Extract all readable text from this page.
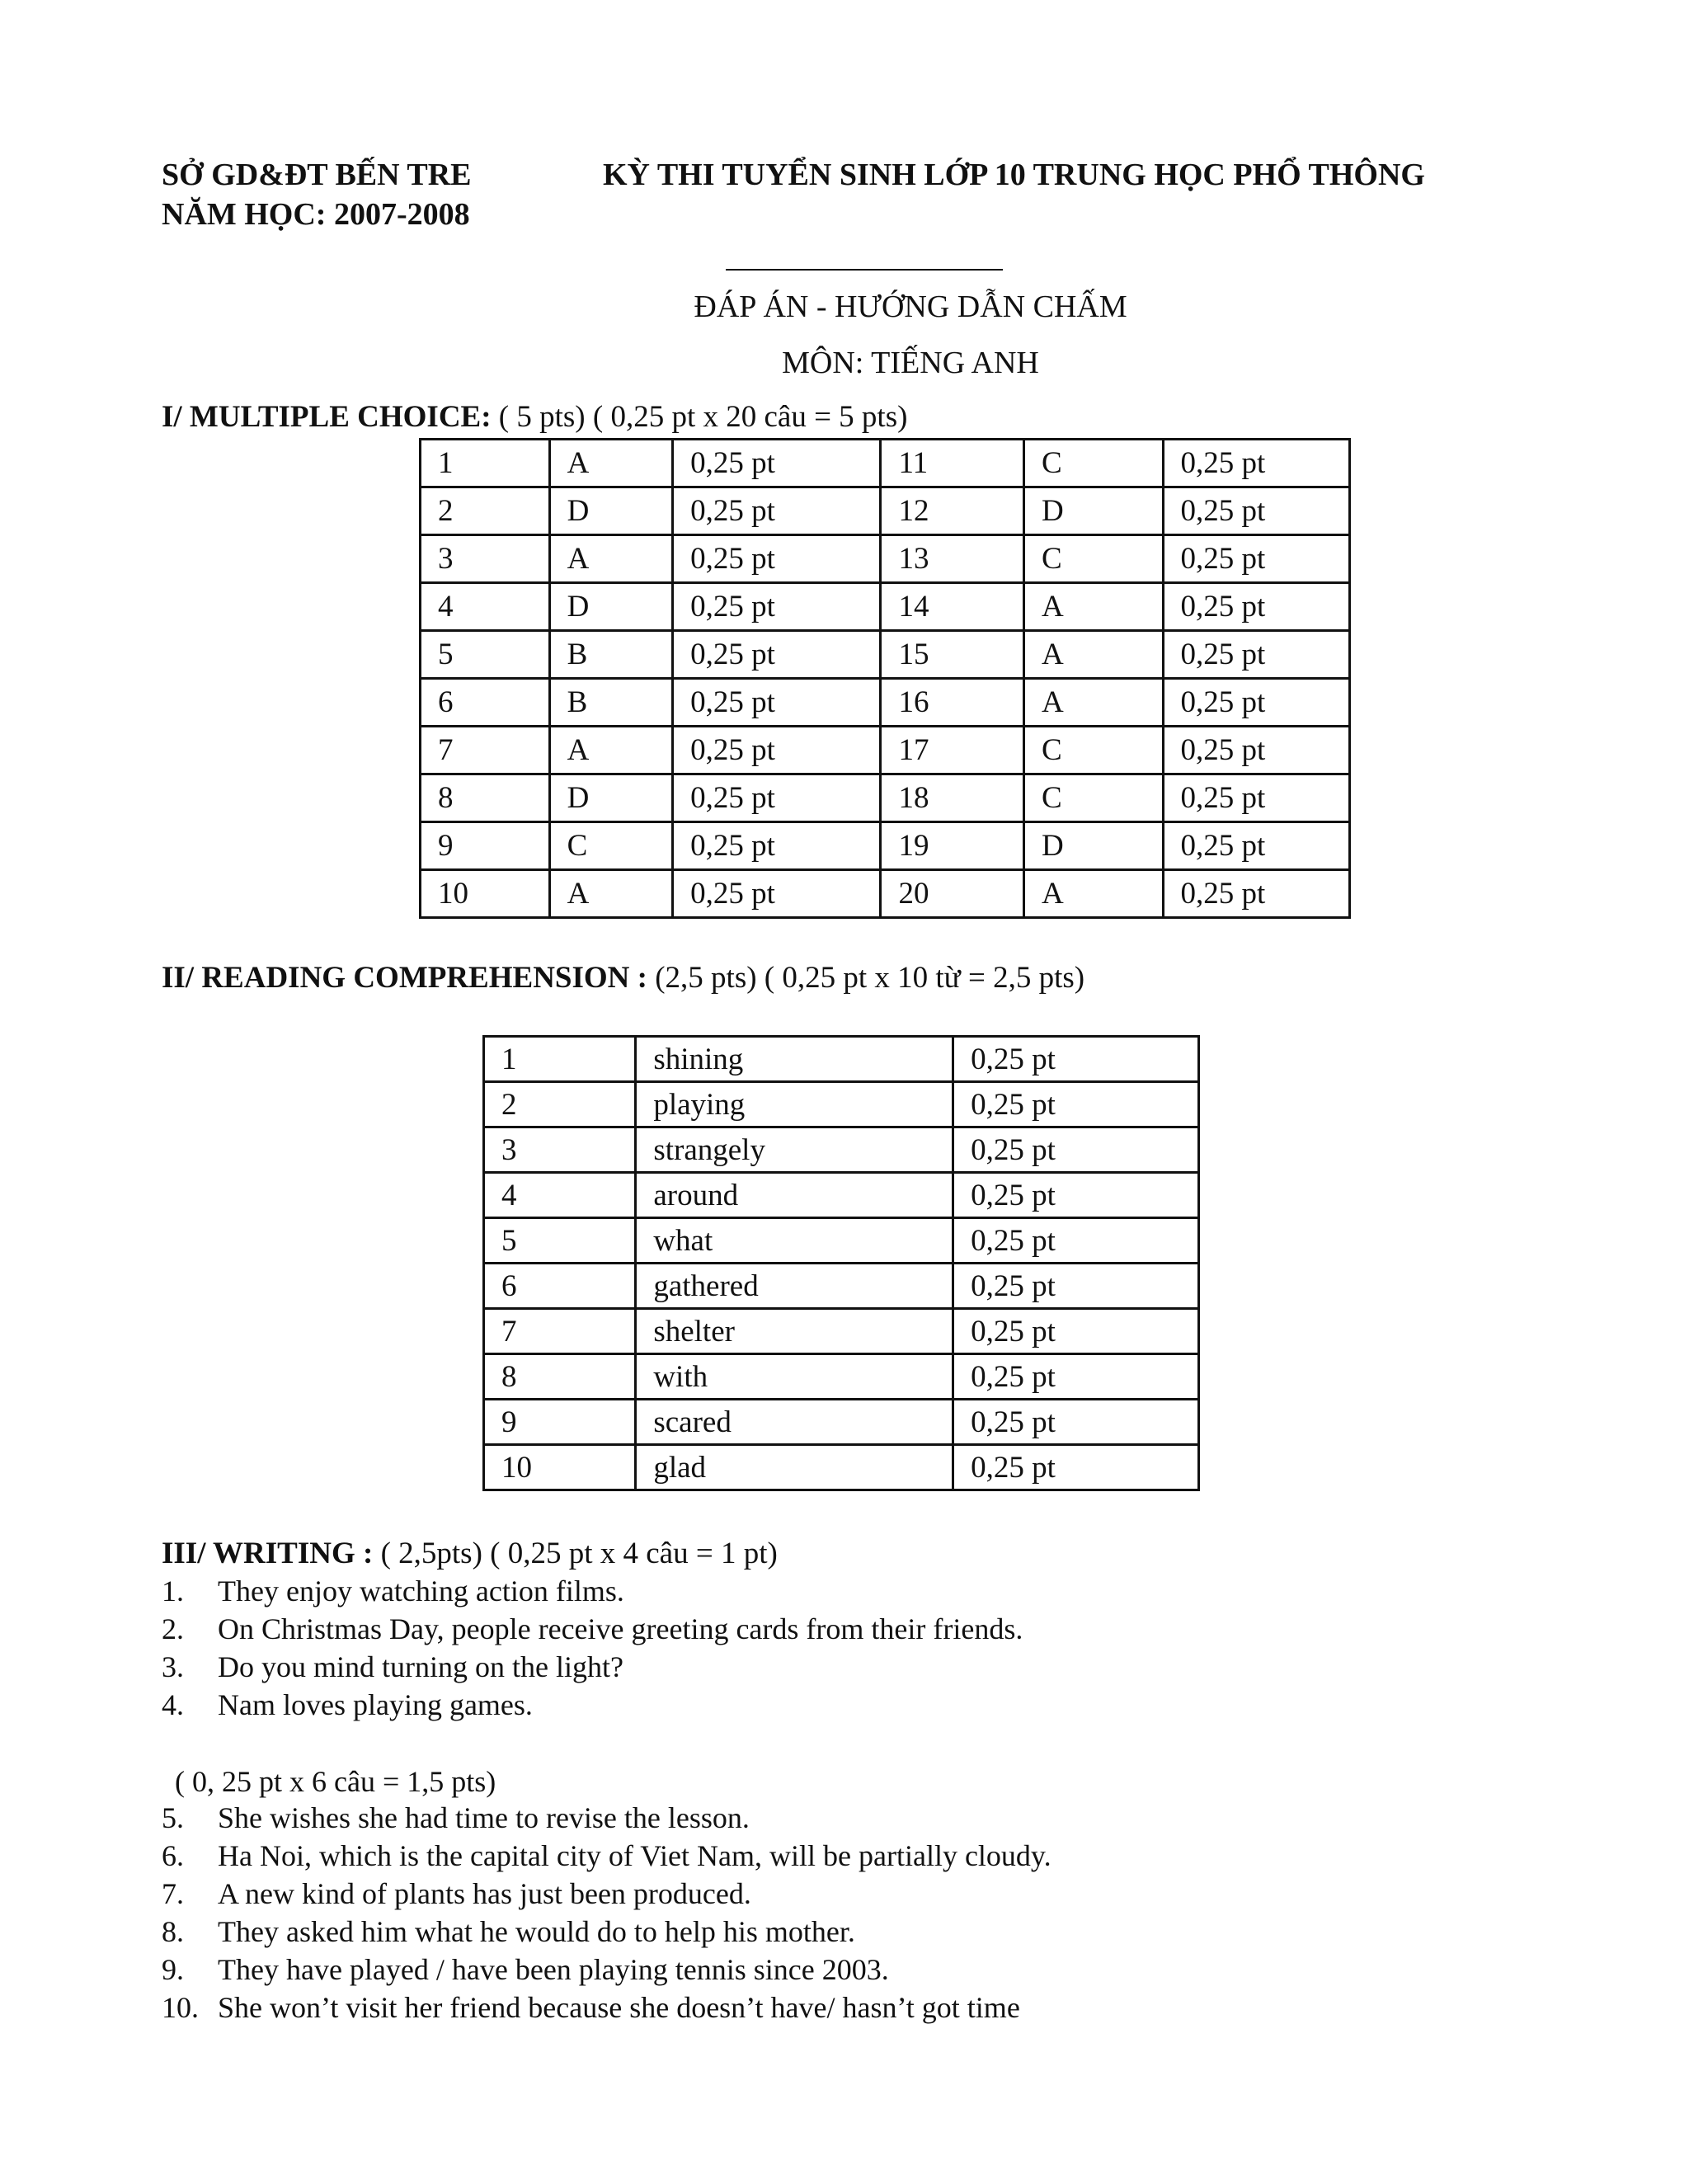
SỞ GD&ĐT BẾN TRE
NĂM HỌC: 2007-2008
KỲ THI TUYỂN SINH LỚP 10 TRUNG HỌC PHỔ THÔNG
ĐÁP ÁN - HƯỚNG DẪN CHẤM
MÔN: TIẾNG ANH
I/ MULTIPLE CHOICE: ( 5 pts) ( 0,25 pt x 20 câu = 5 pts)
1	A	0,25 pt	11	C	0,25 pt
2	D	0,25 pt	12	D	0,25 pt
3	A	0,25 pt	13	C	0,25 pt
4	D	0,25 pt	14	A	0,25 pt
5	B	0,25 pt	15	A	0,25 pt
6	B	0,25 pt	16	A	0,25 pt
7	A	0,25 pt	17	C	0,25 pt
8	D	0,25 pt	18	C	0,25 pt
9	C	0,25 pt	19	D	0,25 pt
10	A	0,25 pt	20	A	0,25 pt
II/ READING COMPREHENSION : (2,5 pts) ( 0,25 pt x 10 từ = 2,5 pts)
1	shining	0,25 pt
2	playing	0,25 pt
3	strangely	0,25 pt
4	around	0,25 pt
5	what	0,25 pt
6	gathered	0,25 pt
7	shelter	0,25 pt
8	with	0,25 pt
9	scared	0,25 pt
10	glad	0,25 pt
III/ WRITING : ( 2,5pts) ( 0,25 pt x 4 câu = 1 pt)
1. They enjoy watching action films.
2. On Christmas Day, people receive greeting cards from their friends.
3. Do you mind turning on the light?
4. Nam loves playing games.
( 0, 25 pt x 6 câu = 1,5 pts)
5. She wishes she had time to revise the lesson.
6. Ha Noi, which is the capital city of Viet Nam, will be partially cloudy.
7. A new kind of plants has just been produced.
8. They asked him what he would do to help his mother.
9. They have played / have been playing tennis since 2003.
10. She won’t visit her friend because she doesn’t have/ hasn’t got time
